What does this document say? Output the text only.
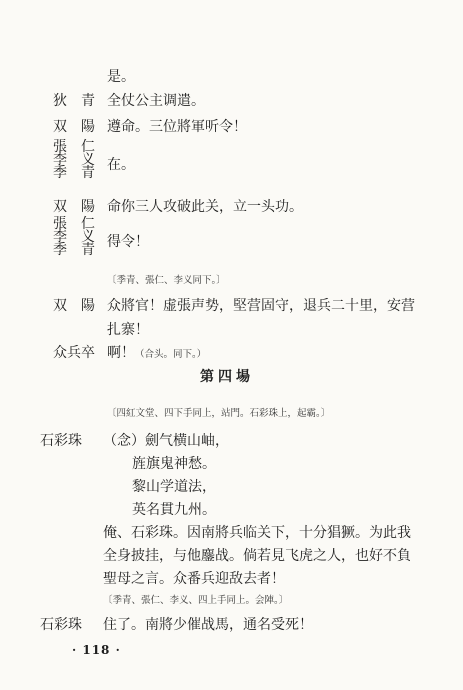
是。
狄　青 全仗公主调遣。
双　陽 遵命。三位將軍听令！
張　仁
李　义
季　青 在。
双　陽 命你三人攻破此关，立一头功。
張　仁
李　义
季　青 得令！
〔季青、張仁、李义同下。〕
双　陽 众將官！虚張声势，堅营固守，退兵二十里，安营
扎寨！
众兵卒 啊！（合头。同下。）
第四場
〔四紅文堂、四下手同上，站門。石彩珠上，起霸。〕
石彩珠 （念）劍气横山岫，
旌旗鬼神愁。
黎山学道法，
英名貫九州。
俺、石彩珠。因南將兵临关下，十分猖獗。为此我
全身披挂，与他鏖战。倘若見飞虎之人，也好不負
聖母之言。众番兵迎敌去者！
〔季青、張仁、李义、四上手同上。会陣。〕
石彩珠 住了。南將少催战馬，通名受死！
· 118 ·
